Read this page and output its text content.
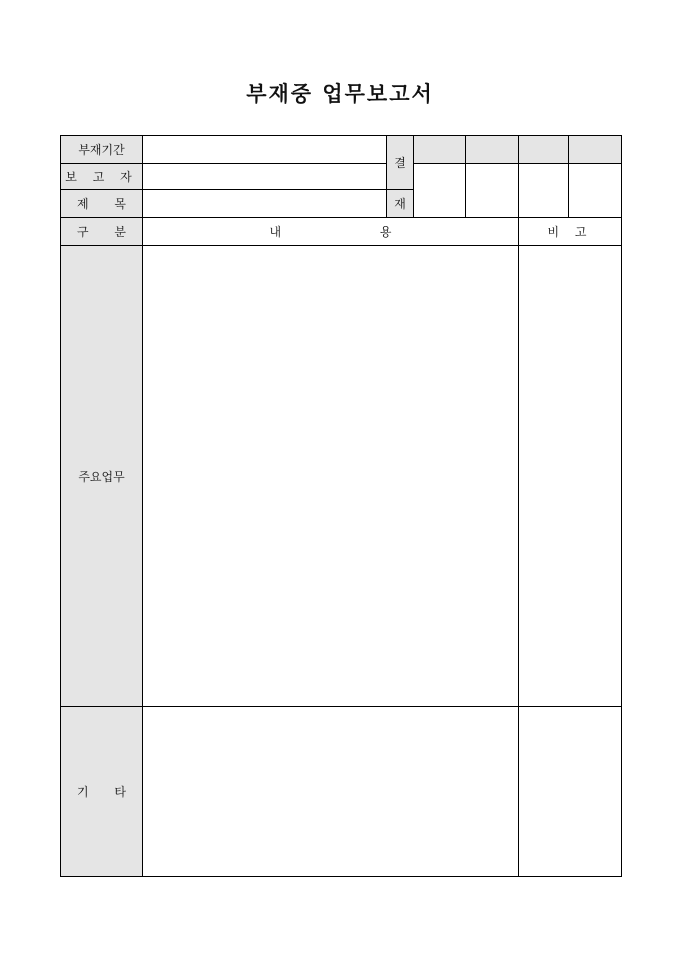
부재중 업무보고서
부재기간		결				
보 고 자						
제 목		재				
구 분	내 용				비 고	
주요업무						
기 타						
